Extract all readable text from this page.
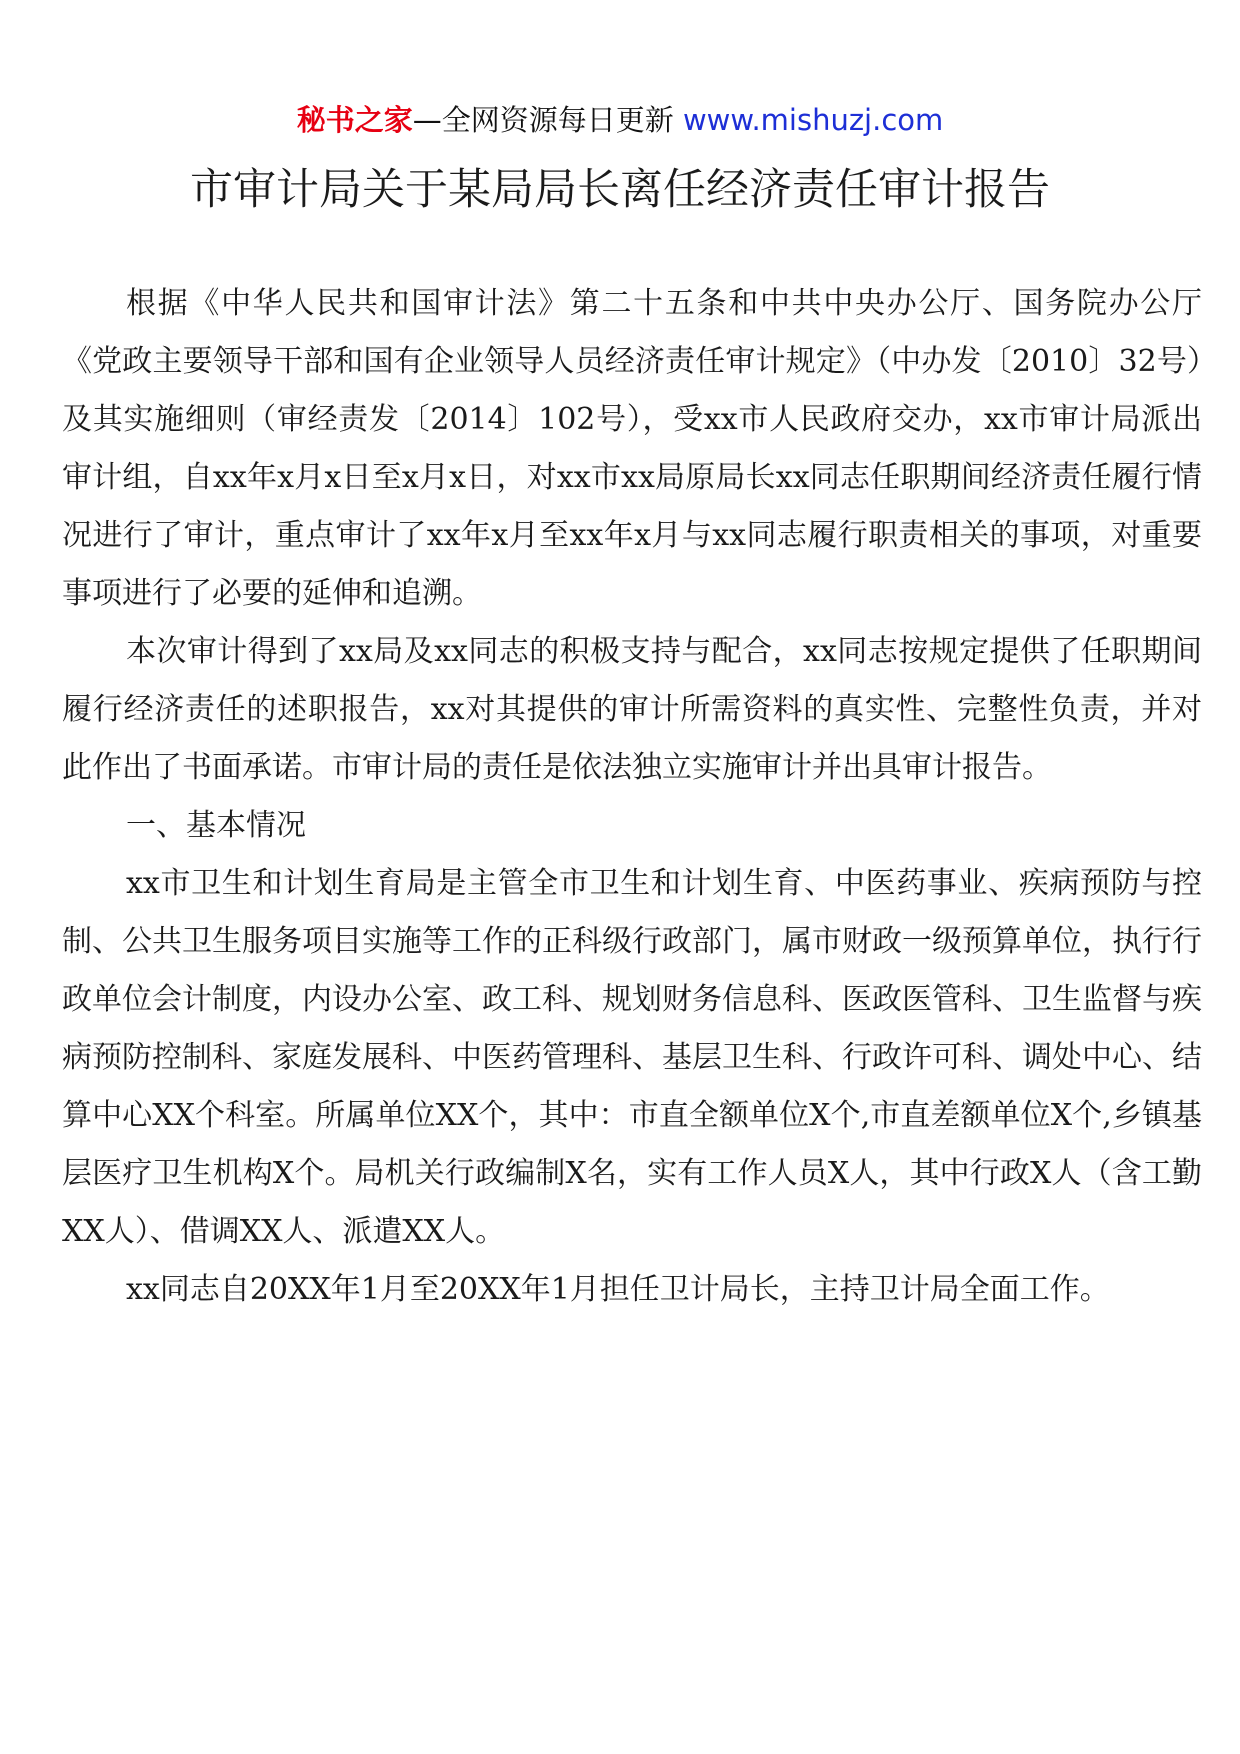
秘书之家—全网资源每日更新 www.mishuzj.com
市审计局关于某局局长离任经济责任审计报告

根据《中华人民共和国审计法》第二十五条和中共中央办公厅、国务院办公厅《党政主要领导干部和国有企业领导人员经济责任审计规定》（中办发〔2010〕32号）及其实施细则（审经责发〔2014〕102号），受xx市人民政府交办，xx市审计局派出审计组，自xx年x月x日至x月x日，对xx市xx局原局长xx同志任职期间经济责任履行情况进行了审计，重点审计了xx年x月至xx年x月与xx同志履行职责相关的事项，对重要事项进行了必要的延伸和追溯。

本次审计得到了xx局及xx同志的积极支持与配合，xx同志按规定提供了任职期间履行经济责任的述职报告，xx对其提供的审计所需资料的真实性、完整性负责，并对此作出了书面承诺。市审计局的责任是依法独立实施审计并出具审计报告。

一、基本情况

xx市卫生和计划生育局是主管全市卫生和计划生育、中医药事业、疾病预防与控制、公共卫生服务项目实施等工作的正科级行政部门，属市财政一级预算单位，执行行政单位会计制度，内设办公室、政工科、规划财务信息科、医政医管科、卫生监督与疾病预防控制科、家庭发展科、中医药管理科、基层卫生科、行政许可科、调处中心、结算中心XX个科室。所属单位XX个，其中：市直全额单位X个,市直差额单位X个,乡镇基层医疗卫生机构X个。局机关行政编制X名，实有工作人员X人，其中行政X人（含工勤XX人）、借调XX人、派遣XX人。

xx同志自20XX年1月至20XX年1月担任卫计局长，主持卫计局全面工作。
